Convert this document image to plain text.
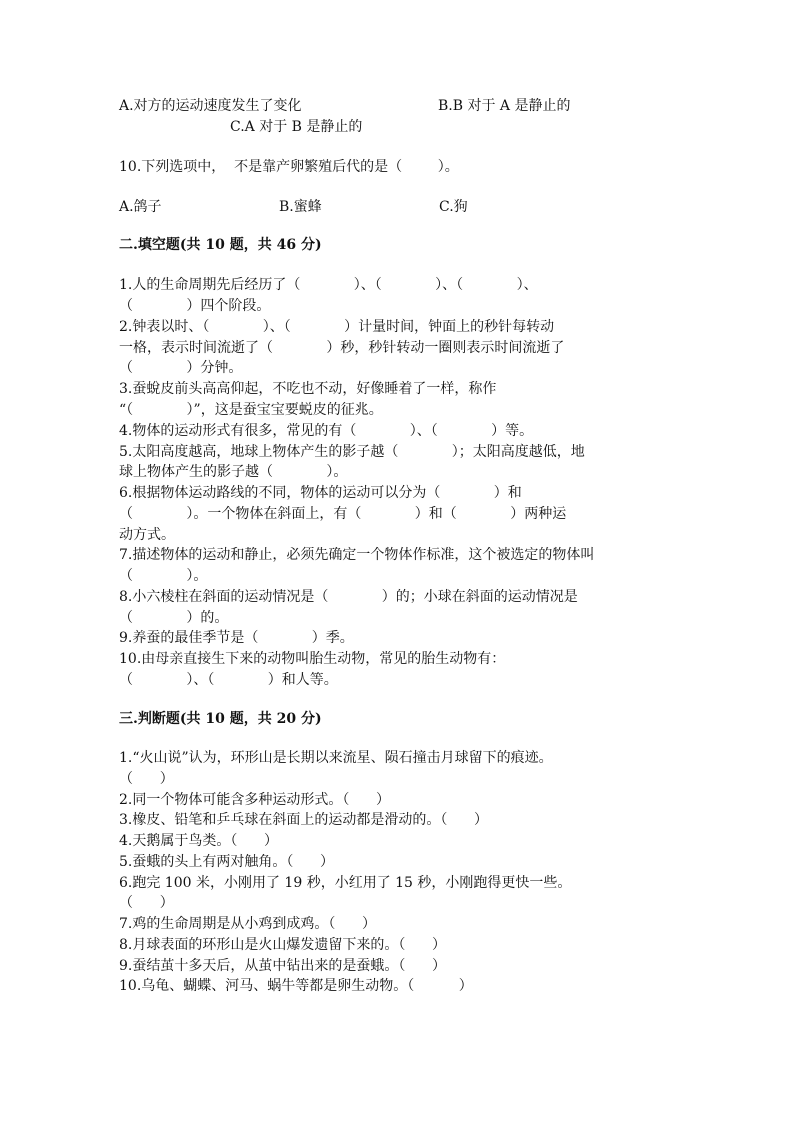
A.对方的运动速度发生了变化	B.B 对于 A 是静止的
C.A 对于 B 是静止的
10.下列选项中，  不是靠产卵繁殖后代的是（        ）。
A.鸽子	B.蜜蜂	C.狗
二.填空题(共 10 题，共 46 分)
1.人的生命周期先后经历了（            ）、（            ）、（            ）、
（            ）四个阶段。
2.钟表以时、（            ）、（            ）计量时间，钟面上的秒针每转动
一格，表示时间流逝了（            ）秒，秒针转动一圈则表示时间流逝了
（            ）分钟。
3.蚕蛻皮前头高高仰起，不吃也不动，好像睡着了一样，称作
“（            ）”，这是蚕宝宝要蜕皮的征兆。
4.物体的运动形式有很多，常见的有（            ）、（            ）等。
5.太阳高度越高，地球上物体产生的影子越（            ）；太阳高度越低，地
球上物体产生的影子越（            ）。
6.根据物体运动路线的不同，物体的运动可以分为（            ）和
（            ）。一个物体在斜面上，有（            ）和（            ）两种运
动方式。
7.描述物体的运动和静止，必须先确定一个物体作标准，这个被选定的物体叫
（            ）。
8.小六棱柱在斜面的运动情况是（            ）的；小球在斜面的运动情况是
（            ）的。
9.养蚕的最佳季节是（            ）季。
10.由母亲直接生下来的动物叫胎生动物，常见的胎生动物有：
（            ）、（            ）和人等。
三.判断题(共 10 题，共 20 分)
1.“火山说”认为，环形山是长期以来流星、陨石撞击月球留下的痕迹。
（      ）
2.同一个物体可能含多种运动形式。（      ）
3.橡皮、铅笔和乒乓球在斜面上的运动都是滑动的。（      ）
4.天鹅属于鸟类。（      ）
5.蚕蛾的头上有两对触角。（      ）
6.跑完 100 米，小刚用了 19 秒，小红用了 15 秒，小刚跑得更快一些。
（      ）
7.鸡的生命周期是从小鸡到成鸡。（      ）
8.月球表面的环形山是火山爆发遗留下来的。（      ）
9.蚕结茧十多天后，从茧中钻出来的是蚕蛾。（      ）
10.乌龟、蝴蝶、河马、蜗牛等都是卵生动物。（          ）
